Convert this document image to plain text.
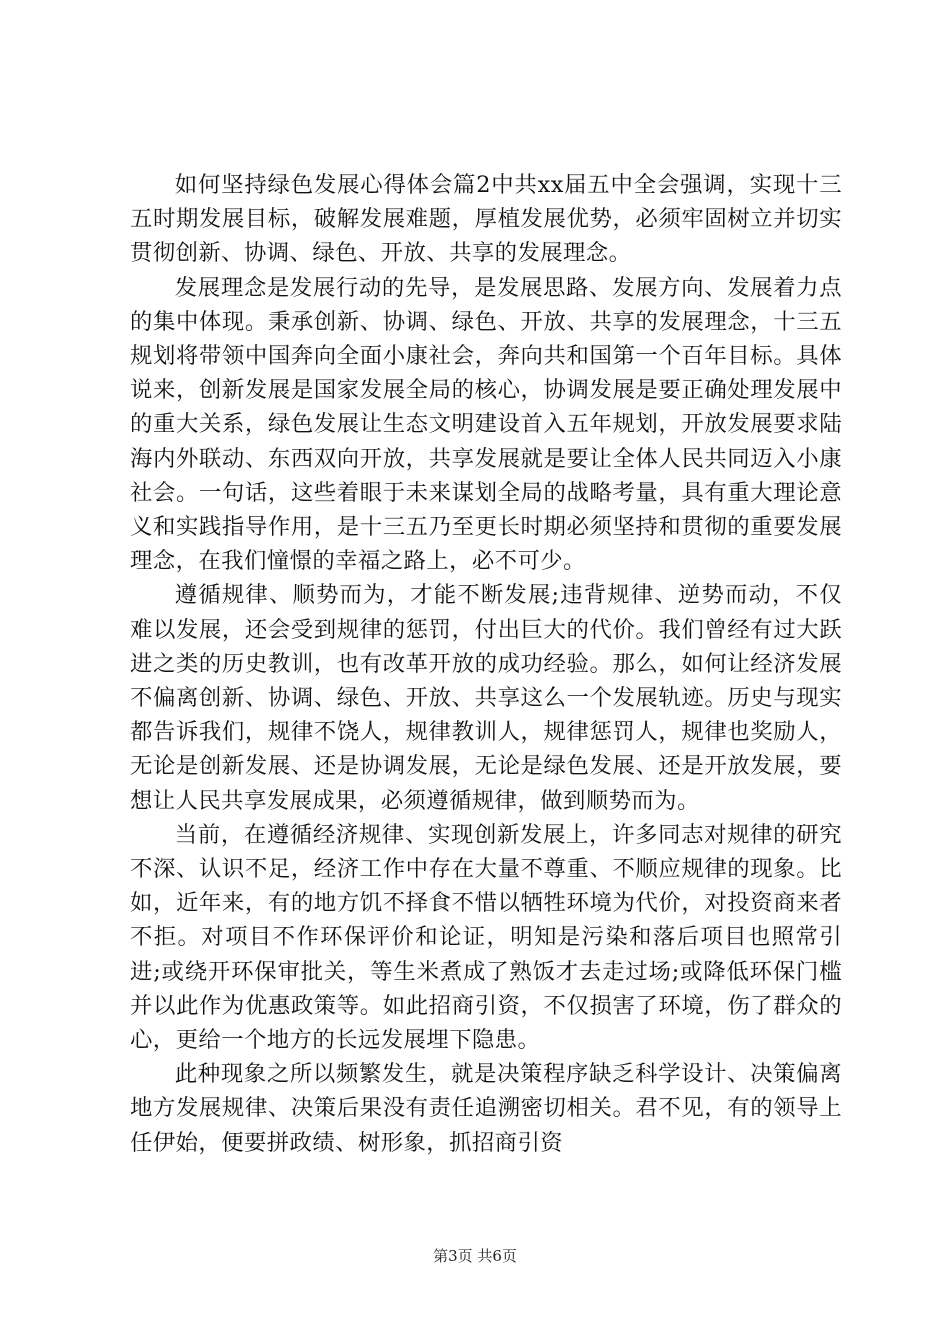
如何坚持绿色发展心得体会篇2中共xx届五中全会强调，实现十三五时期发展目标，破解发展难题，厚植发展优势，必须牢固树立并切实贯彻创新、协调、绿色、开放、共享的发展理念。

发展理念是发展行动的先导，是发展思路、发展方向、发展着力点的集中体现。秉承创新、协调、绿色、开放、共享的发展理念，十三五规划将带领中国奔向全面小康社会，奔向共和国第一个百年目标。具体说来，创新发展是国家发展全局的核心，协调发展是要正确处理发展中的重大关系，绿色发展让生态文明建设首入五年规划，开放发展要求陆海内外联动、东西双向开放，共享发展就是要让全体人民共同迈入小康社会。一句话，这些着眼于未来谋划全局的战略考量，具有重大理论意义和实践指导作用，是十三五乃至更长时期必须坚持和贯彻的重要发展理念，在我们憧憬的幸福之路上，必不可少。

遵循规律、顺势而为，才能不断发展;违背规律、逆势而动，不仅难以发展，还会受到规律的惩罚，付出巨大的代价。我们曾经有过大跃进之类的历史教训，也有改革开放的成功经验。那么，如何让经济发展不偏离创新、协调、绿色、开放、共享这么一个发展轨迹。历史与现实都告诉我们，规律不饶人，规律教训人，规律惩罚人，规律也奖励人，无论是创新发展、还是协调发展，无论是绿色发展、还是开放发展，要想让人民共享发展成果，必须遵循规律，做到顺势而为。

当前，在遵循经济规律、实现创新发展上，许多同志对规律的研究不深、认识不足，经济工作中存在大量不尊重、不顺应规律的现象。比如，近年来，有的地方饥不择食不惜以牺牲环境为代价，对投资商来者不拒。对项目不作环保评价和论证，明知是污染和落后项目也照常引进;或绕开环保审批关，等生米煮成了熟饭才去走过场;或降低环保门槛并以此作为优惠政策等。如此招商引资，不仅损害了环境，伤了群众的心，更给一个地方的长远发展埋下隐患。

此种现象之所以频繁发生，就是决策程序缺乏科学设计、决策偏离地方发展规律、决策后果没有责任追溯密切相关。君不见，有的领导上任伊始，便要拼政绩、树形象，抓招商引资

第3页 共6页
